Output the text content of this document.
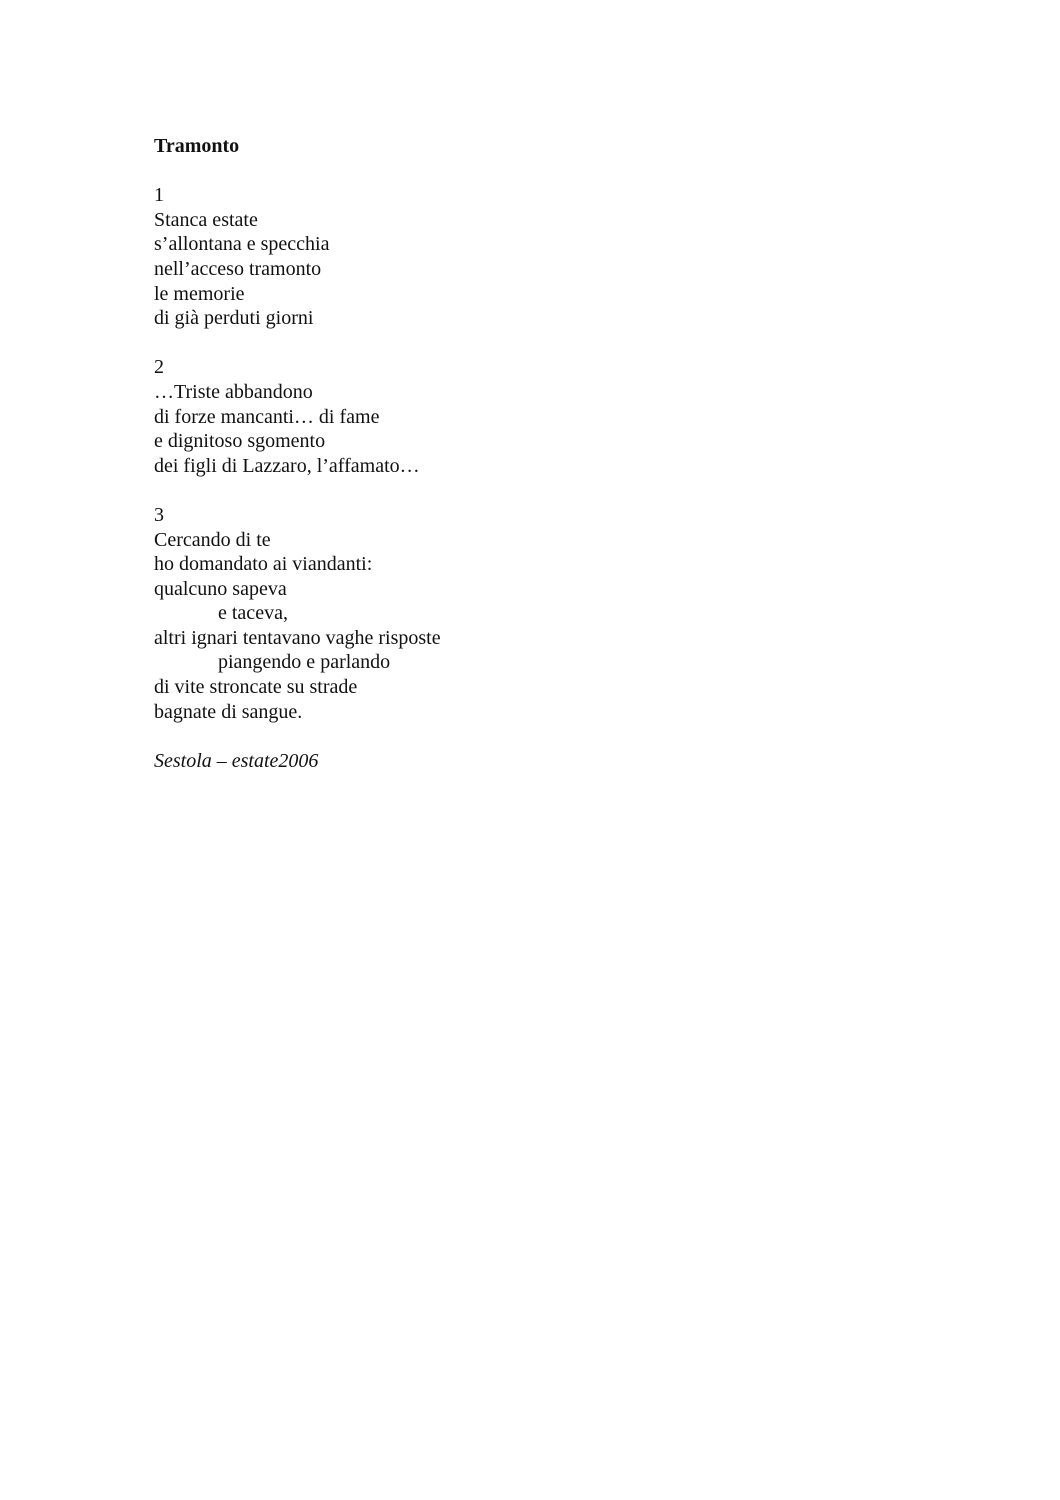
Tramonto
1
Stanca estate
s’allontana e specchia
nell’acceso tramonto
le memorie
di già perduti giorni
2
…Triste abbandono
di forze mancanti… di fame
e dignitoso sgomento
dei figli di Lazzaro, l’affamato…
3
Cercando di te
ho domandato ai viandanti:
qualcuno sapeva
e taceva,
altri ignari tentavano vaghe risposte
piangendo e parlando
di vite stroncate su strade
bagnate di sangue.
Sestola – estate2006
